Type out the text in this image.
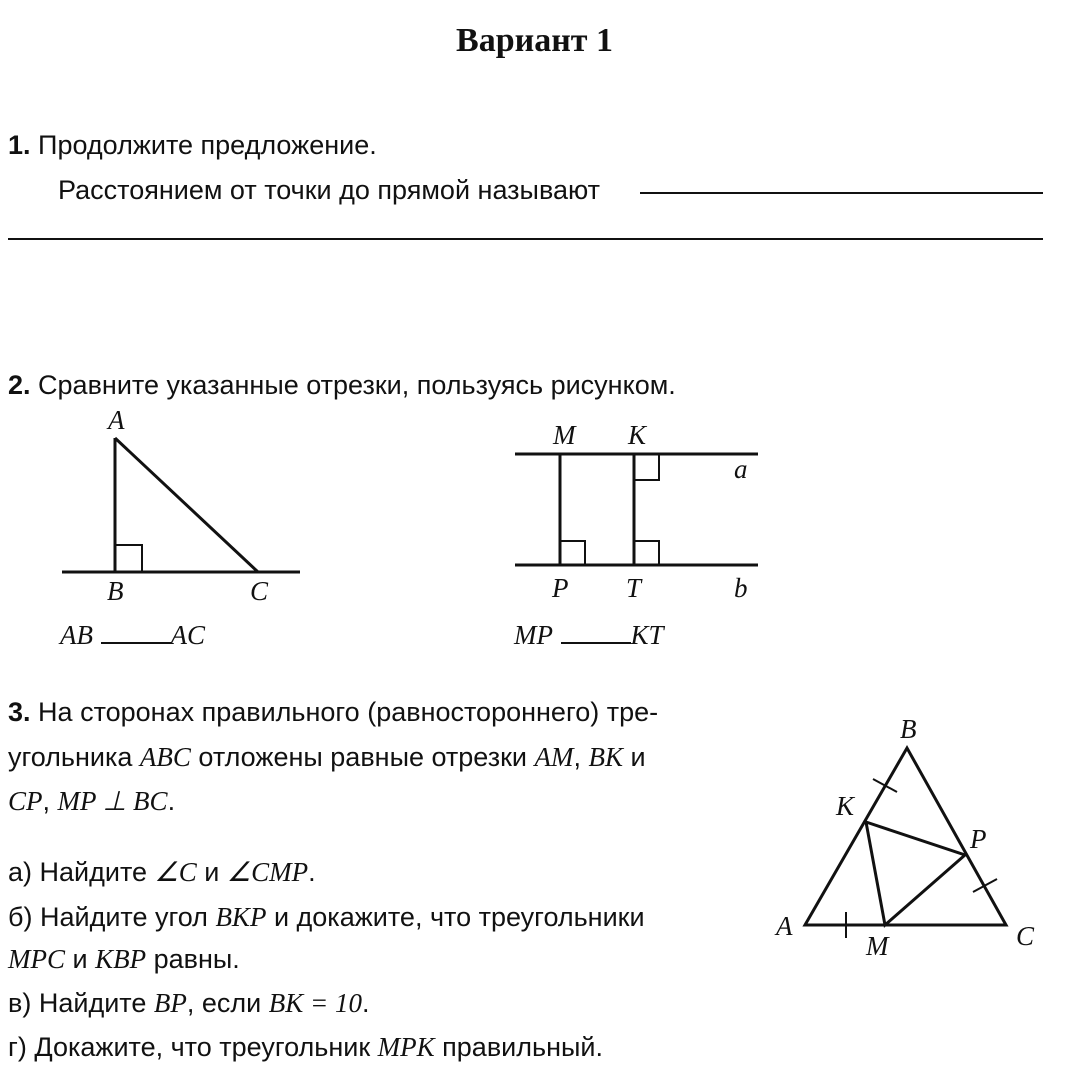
Вариант 1
1. Продолжите предложение.
Расстоянием от точки до прямой называют
2. Сравните указанные отрезки, пользуясь рисунком.
A
B	C
M K
a
P T	b
AB	AC	MP	KT
3. На сторонах правильного (равностороннего) тре-
угольника ABC отложены равные отрезки AM, BK и
CP, MP ⊥ BC.
а) Найдите ∠C и ∠CMP.
б) Найдите угол BKP и докажите, что треугольники
MPC и KBP равны.
в) Найдите BP, если BK = 10.
г) Докажите, что треугольник MPK правильный.
B
K
P
A
M	C
